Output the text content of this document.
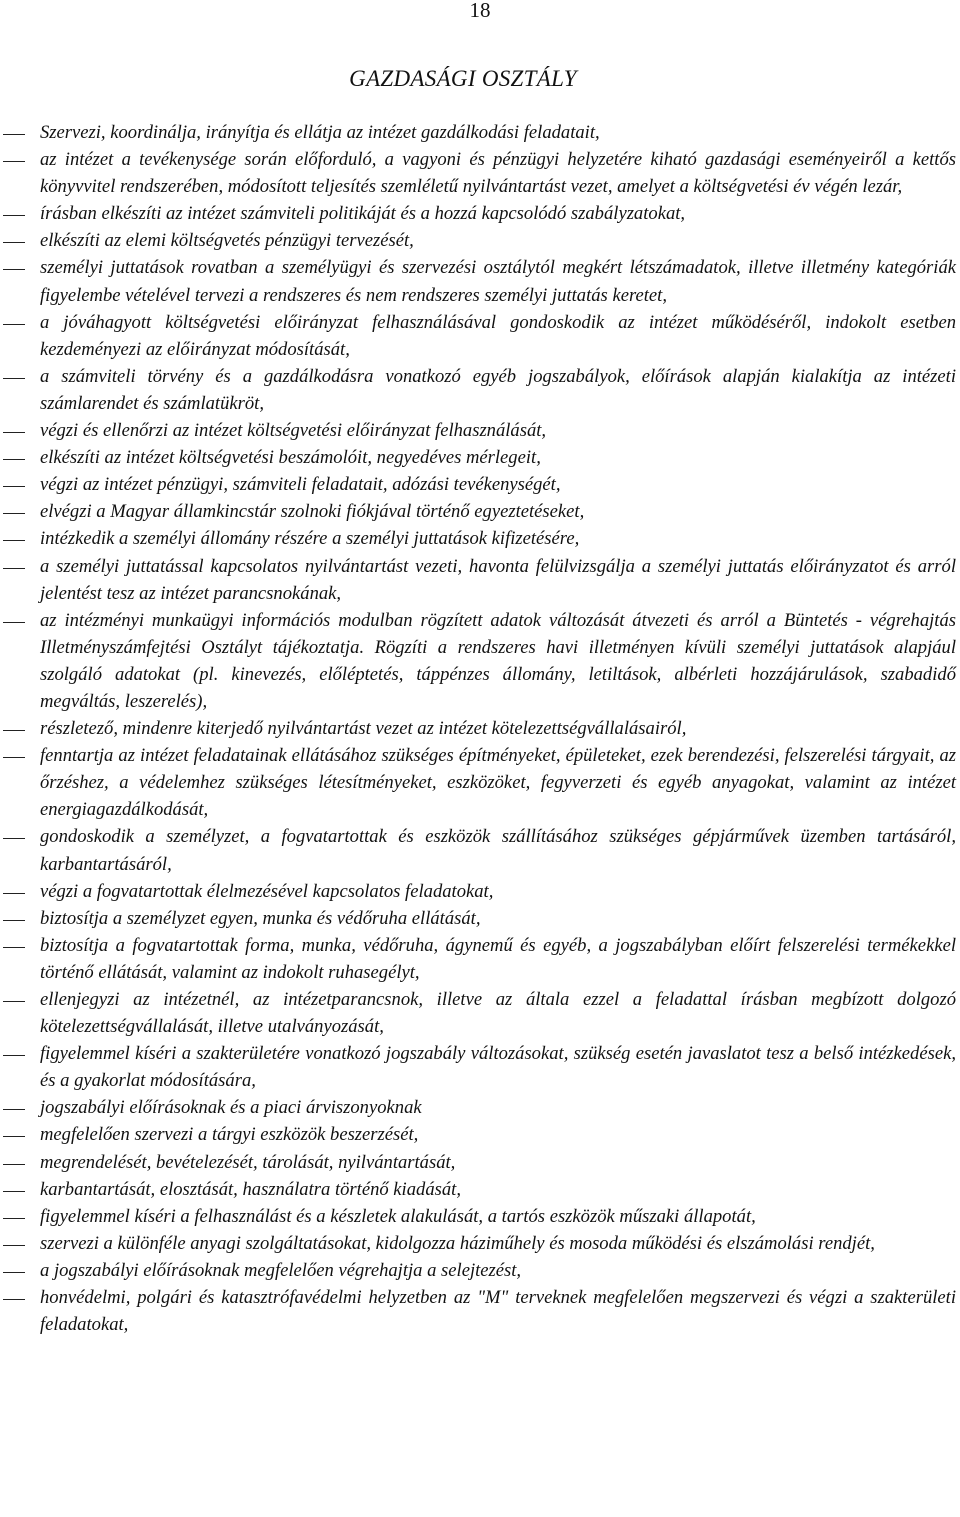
18
GAZDASÁGI OSZTÁLY
Szervezi, koordinálja, irányítja és ellátja az intézet gazdálkodási feladatait,
az intézet a tevékenysége során előforduló, a vagyoni és pénzügyi helyzetére kiható gazdasági eseményeiről a kettős könyvvitel rendszerében, módosított teljesítés szemléletű nyilvántartást vezet, amelyet a költségvetési év végén lezár,
írásban elkészíti az intézet számviteli politikáját és a hozzá kapcsolódó szabályzatokat,
elkészíti az elemi költségvetés pénzügyi tervezését,
személyi juttatások rovatban a személyügyi és szervezési osztálytól megkért létszámadatok, illetve illetmény kategóriák figyelembe vételével tervezi a rendszeres és nem rendszeres személyi juttatás keretet,
a jóváhagyott költségvetési előirányzat felhasználásával gondoskodik az intézet működéséről, indokolt esetben kezdeményezi az előirányzat módosítását,
a számviteli törvény és a gazdálkodásra vonatkozó egyéb jogszabályok, előírások alapján kialakítja az intézeti számlarendet és számlatükröt,
végzi és ellenőrzi az intézet költségvetési előirányzat felhasználását,
elkészíti az intézet költségvetési beszámolóit, negyedéves mérlegeit,
végzi az intézet pénzügyi, számviteli feladatait, adózási tevékenységét,
elvégzi a Magyar államkincstár szolnoki fiókjával történő egyeztetéseket,
intézkedik a személyi állomány részére a személyi juttatások kifizetésére,
a személyi juttatással kapcsolatos nyilvántartást vezeti, havonta felülvizsgálja a személyi juttatás előirányzatot és arról jelentést tesz az intézet parancsnokának,
az intézményi munkaügyi információs modulban rögzített adatok változását átvezeti és arról a Büntetés - végrehajtás Illetményszámfejtési Osztályt tájékoztatja. Rögzíti a rendszeres havi illetményen kívüli személyi juttatások alapjául szolgáló adatokat (pl. kinevezés, előléptetés, táppénzes állomány, letiltások, albérleti hozzájárulások, szabadidő megváltás, leszerelés),
részletező, mindenre kiterjedő nyilvántartást vezet az intézet kötelezettségvállalásairól,
fenntartja az intézet feladatainak ellátásához szükséges építményeket, épületeket, ezek berendezési, felszerelési tárgyait, az őrzéshez, a védelemhez szükséges létesítményeket, eszközöket, fegyverzeti és egyéb anyagokat, valamint az intézet energiagazdálkodását,
gondoskodik a személyzet, a fogvatartottak és eszközök szállításához szükséges gépjárművek üzemben tartásáról, karbantartásáról,
végzi a fogvatartottak élelmezésével kapcsolatos feladatokat,
biztosítja a személyzet egyen, munka és védőruha ellátását,
biztosítja a fogvatartottak forma, munka, védőruha, ágynemű és egyéb, a jogszabályban előírt felszerelési termékekkel történő ellátását, valamint az indokolt ruhasegélyt,
ellenjegyzi az intézetnél, az intézetparancsnok, illetve az általa ezzel a feladattal írásban megbízott dolgozó kötelezettségvállalását, illetve utalványozását,
figyelemmel kíséri a szakterületére vonatkozó jogszabály változásokat, szükség esetén javaslatot tesz a belső intézkedések, és a gyakorlat módosítására,
jogszabályi előírásoknak és a piaci árviszonyoknak
megfelelően szervezi a tárgyi eszközök beszerzését,
megrendelését, bevételezését, tárolását, nyilvántartását,
karbantartását, elosztását, használatra történő kiadását,
figyelemmel kíséri a felhasználást és a készletek alakulását, a tartós eszközök műszaki állapotát,
szervezi a különféle anyagi szolgáltatásokat, kidolgozza háziműhely és mosoda működési és elszámolási rendjét,
a jogszabályi előírásoknak megfelelően végrehajtja a selejtezést,
honvédelmi, polgári és katasztrófavédelmi helyzetben az "M" terveknek megfelelően megszervezi és végzi a szakterületi feladatokat,
